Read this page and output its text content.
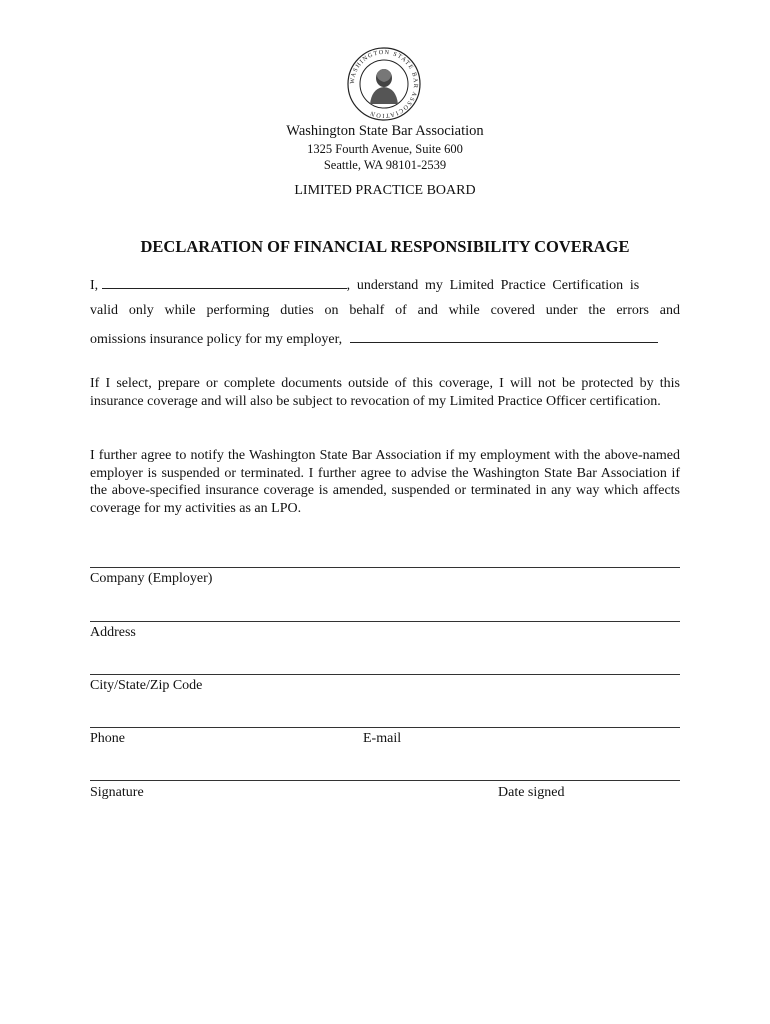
WASHINGTON STATE BAR ASSOCIATION
Washington State Bar Association
1325 Fourth Avenue, Suite 600
Seattle, WA 98101-2539
LIMITED PRACTICE BOARD
DECLARATION OF FINANCIAL RESPONSIBILITY COVERAGE
I,	, understand my Limited Practice Certification is
valid only while performing duties on behalf of and while covered under the errors and
omissions insurance policy for my employer,
If I select, prepare or complete documents outside of this coverage, I will not be protected by this insurance coverage and will also be subject to revocation of my Limited Practice Officer certification.
I further agree to notify the Washington State Bar Association if my employment with the above-named employer is suspended or terminated. I further agree to advise the Washington State Bar Association if the above-specified insurance coverage is amended, suspended or terminated in any way which affects coverage for my activities as an LPO.
Company (Employer)
Address
City/State/Zip Code
Phone	E-mail
Signature	Date signed
